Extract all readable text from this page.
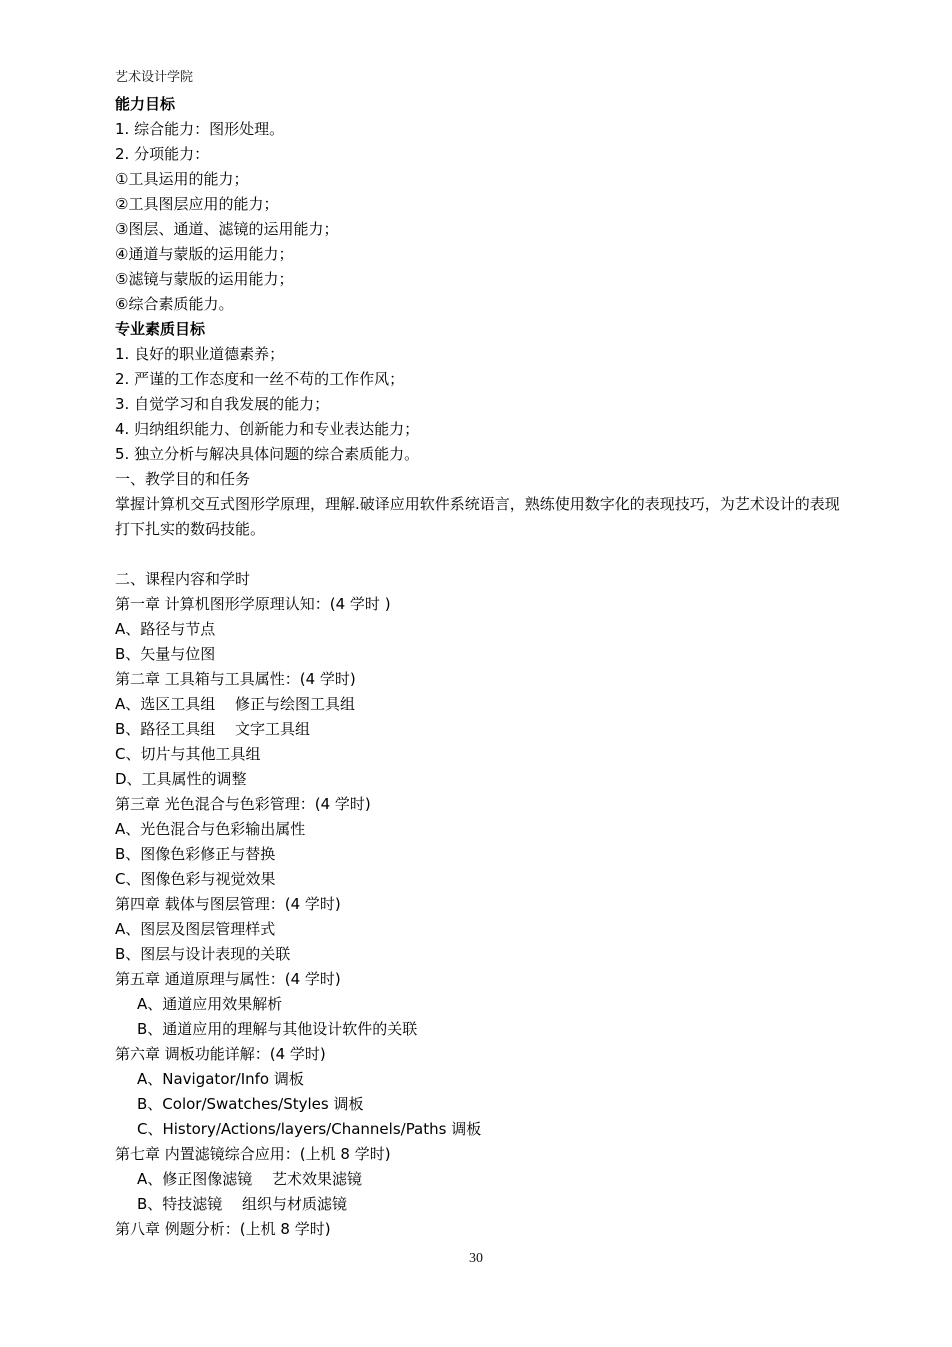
艺术设计学院
能力目标
1. 综合能力：图形处理。
2. 分项能力：
①工具运用的能力；
②工具图层应用的能力；
③图层、通道、滤镜的运用能力；
④通道与蒙版的运用能力；
⑤滤镜与蒙版的运用能力；
⑥综合素质能力。
专业素质目标
1. 良好的职业道德素养；
2. 严谨的工作态度和一丝不苟的工作作风；
3. 自觉学习和自我发展的能力；
4. 归纳组织能力、创新能力和专业表达能力；
5. 独立分析与解决具体问题的综合素质能力。
一、教学目的和任务
掌握计算机交互式图形学原理，理解.破译应用软件系统语言，熟练使用数字化的表现技巧，为艺术设计的表现打下扎实的数码技能。
二、课程内容和学时
第一章 计算机图形学原理认知：(4 学时 )
A、路径与节点
B、矢量与位图
第二章 工具箱与工具属性：(4 学时)
A、选区工具组　 修正与绘图工具组
B、路径工具组　 文字工具组
C、切片与其他工具组
D、工具属性的调整
第三章 光色混合与色彩管理：(4 学时)
A、光色混合与色彩输出属性
B、图像色彩修正与替换
C、图像色彩与视觉效果
第四章 载体与图层管理：(4 学时)
A、图层及图层管理样式
B、图层与设计表现的关联
第五章 通道原理与属性：(4 学时)
A、通道应用效果解析
B、通道应用的理解与其他设计软件的关联
第六章 调板功能详解：(4 学时)
A、Navigator/Info 调板
B、Color/Swatches/Styles 调板
C、History/Actions/layers/Channels/Paths 调板
第七章 内置滤镜综合应用：(上机 8 学时)
A、修正图像滤镜　 艺术效果滤镜
B、特技滤镜　 组织与材质滤镜
第八章 例题分析：(上机 8 学时)
30
